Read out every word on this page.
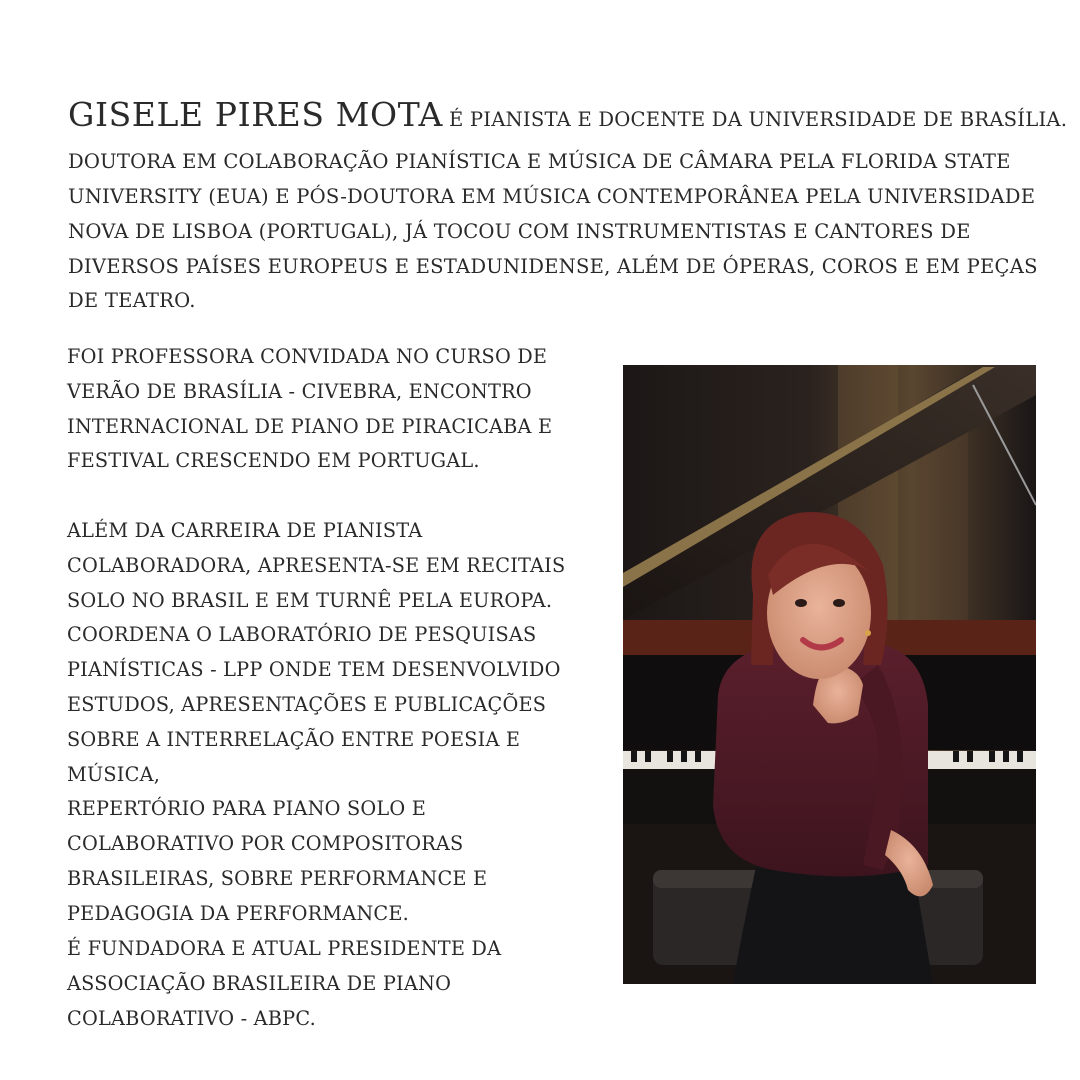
GISELE PIRES MOTA É PIANISTA E DOCENTE DA UNIVERSIDADE DE BRASÍLIA.
DOUTORA EM COLABORAÇÃO PIANÍSTICA E MÚSICA DE CÂMARA PELA FLORIDA STATE
UNIVERSITY (EUA) E PÓS-DOUTORA EM MÚSICA CONTEMPORÂNEA PELA UNIVERSIDADE
NOVA DE LISBOA (PORTUGAL), JÁ TOCOU COM INSTRUMENTISTAS E CANTORES DE
DIVERSOS PAÍSES EUROPEUS E ESTADUNIDENSE, ALÉM DE ÓPERAS, COROS E EM PEÇAS
DE TEATRO.

FOI PROFESSORA CONVIDADA NO CURSO DE
VERÃO DE BRASÍLIA - CIVEBRA, ENCONTRO
INTERNACIONAL DE PIANO DE PIRACICABA E
FESTIVAL CRESCENDO EM PORTUGAL.

ALÉM DA CARREIRA DE PIANISTA
COLABORADORA, APRESENTA-SE EM RECITAIS
SOLO NO BRASIL E EM TURNÊ PELA EUROPA.
COORDENA O LABORATÓRIO DE PESQUISAS
PIANÍSTICAS - LPP ONDE TEM DESENVOLVIDO
ESTUDOS, APRESENTAÇÕES E PUBLICAÇÕES
SOBRE A INTERRELAÇÃO ENTRE POESIA E MÚSICA,
REPERTÓRIO PARA PIANO SOLO E
COLABORATIVO POR COMPOSITORAS
BRASILEIRAS, SOBRE PERFORMANCE E
PEDAGOGIA DA PERFORMANCE.

É FUNDADORA E ATUAL PRESIDENTE DA
ASSOCIAÇÃO BRASILEIRA DE PIANO
COLABORATIVO - ABPC.
